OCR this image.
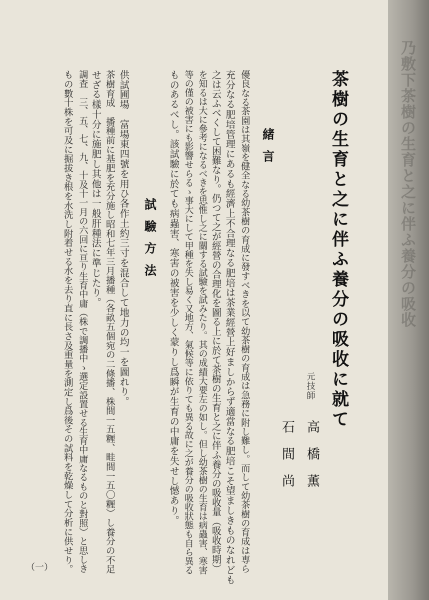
茶樹の生育と之に伴ふ養分の吸收に就て
元技師
高橋薫
石間尚
緒言
優良なる茶園は其嶺を健全なる幼茶樹の育成に發すべきを以て幼茶樹の育成は急務に附し難し。而して幼茶樹の育成は専ら
充分なる肥培管理にあるも經濟上不合理なる肥培は茶業經營上好ましからず適當なる肥培こそ望ましきものなれども
之は云ふべくして困難なり。仍つて之が經營の合理化を圖る上に於て茶樹の生育と之に伴ふ養分の吸收量（吸收時期）
を知るは大に參考になるべきを思惟し之に關する試驗を試みたり。其の成績大要左の如し。但し幼茶樹の生育は病蟲害、寒害
等の僅の被害にも影響せらるゝ事大にして甲種を失し易く又地方、氣候等に依りても異る故に之が養分の吸收狀態も自ら異る
ものあるべし。該試驗に於ても病蟲害、寒害の被害を少しく蒙りし爲瞬が生育の中庸を失せし憾あり。
試驗方法
供試圃場　富場東四號を用ひ各作土約三寸を混合して地力の均一を圖れり。
茶樹育成　播種前に基肥を充分施し昭和七年三月播種（各畝五個宛の二條播、株間一五糎、畦間一五〇糎）し養分の不足
せざる樣十分に施肥し其他は一般肝種法に準じたり。
調査　三、五、七、九、十及十一月の六回に亘り生育中庸（株で調播中ゝ選定設置せる生育中庸なるものと對照）と思しき
もの數十株を可及に掘拔き根を水洗し附着せる水を去り直に長さ及重量を測定し爲後その試料を乾燥して分析に供せり。
（一）
乃敷下茶樹の生育と之に伴ふ養分の吸收
